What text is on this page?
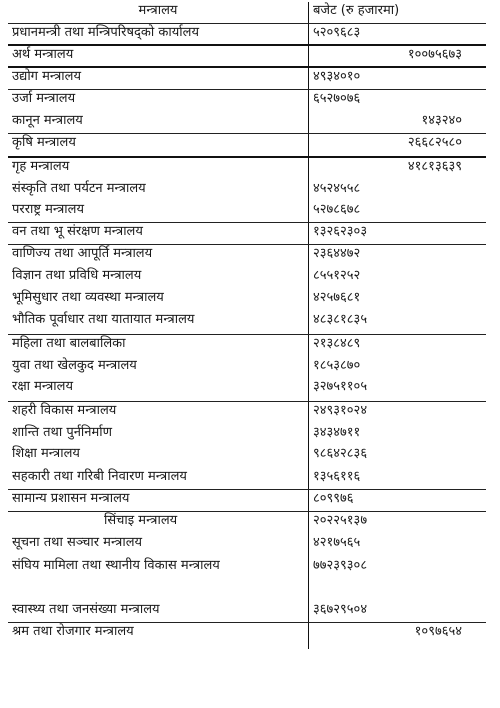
मन्त्रालय	बजेट (रु हजारमा)
प्रधानमन्त्री तथा मन्त्रिपरिषद्को कार्यालय	५२०९६८३
अर्थ मन्त्रालय	१००७५६७३
उद्योग मन्त्रालय	४९३४०१०
उर्जा मन्त्रालय	६५२७०७६
कानून मन्त्रालय	१४३२४०
कृषि मन्त्रालय	२६६८२५८०
गृह मन्त्रालय	४१८१३६३९
संस्कृति तथा पर्यटन मन्त्रालय	४५२४५५८
परराष्ट्र मन्त्रालय	५२७८६७८
वन तथा भू संरक्षण मन्त्रालय	१३२६२३०३
वाणिज्य तथा आपूर्ति मन्त्रालय	२३६४४७२
विज्ञान तथा प्रविधि मन्त्रालय	८५५१२५२
भूमिसुधार तथा व्यवस्था मन्त्रालय	४२५७६८१
भौतिक पूर्वाधार तथा यातायात मन्त्रालय	४८३८१८३५
महिला तथा बालबालिका	२१३८४८९
युवा तथा खेलकुद मन्त्रालय	१८५३८७०
रक्षा मन्त्रालय	३२७५११०५
शहरी विकास मन्त्रालय	२४९३१०२४
शान्ति तथा पुर्ननिर्माण	३४३४७११
शिक्षा मन्त्रालय	९८६४२८३६
सहकारी तथा गरिबी निवारण मन्त्रालय	१३५६११६
सामान्य प्रशासन मन्त्रालय	८०९९७६
सिंचाइ मन्त्रालय	२०२२५१३७
सूचना तथा सञ्चार मन्त्रालय	४२१७५६५
संघिय मामिला तथा स्थानीय विकास मन्त्रालय	७७२३९३०८
स्वास्थ्य तथा जनसंख्या मन्त्रालय	३६७२९५०४
श्रम तथा रोजगार मन्त्रालय	१०९७६५४
